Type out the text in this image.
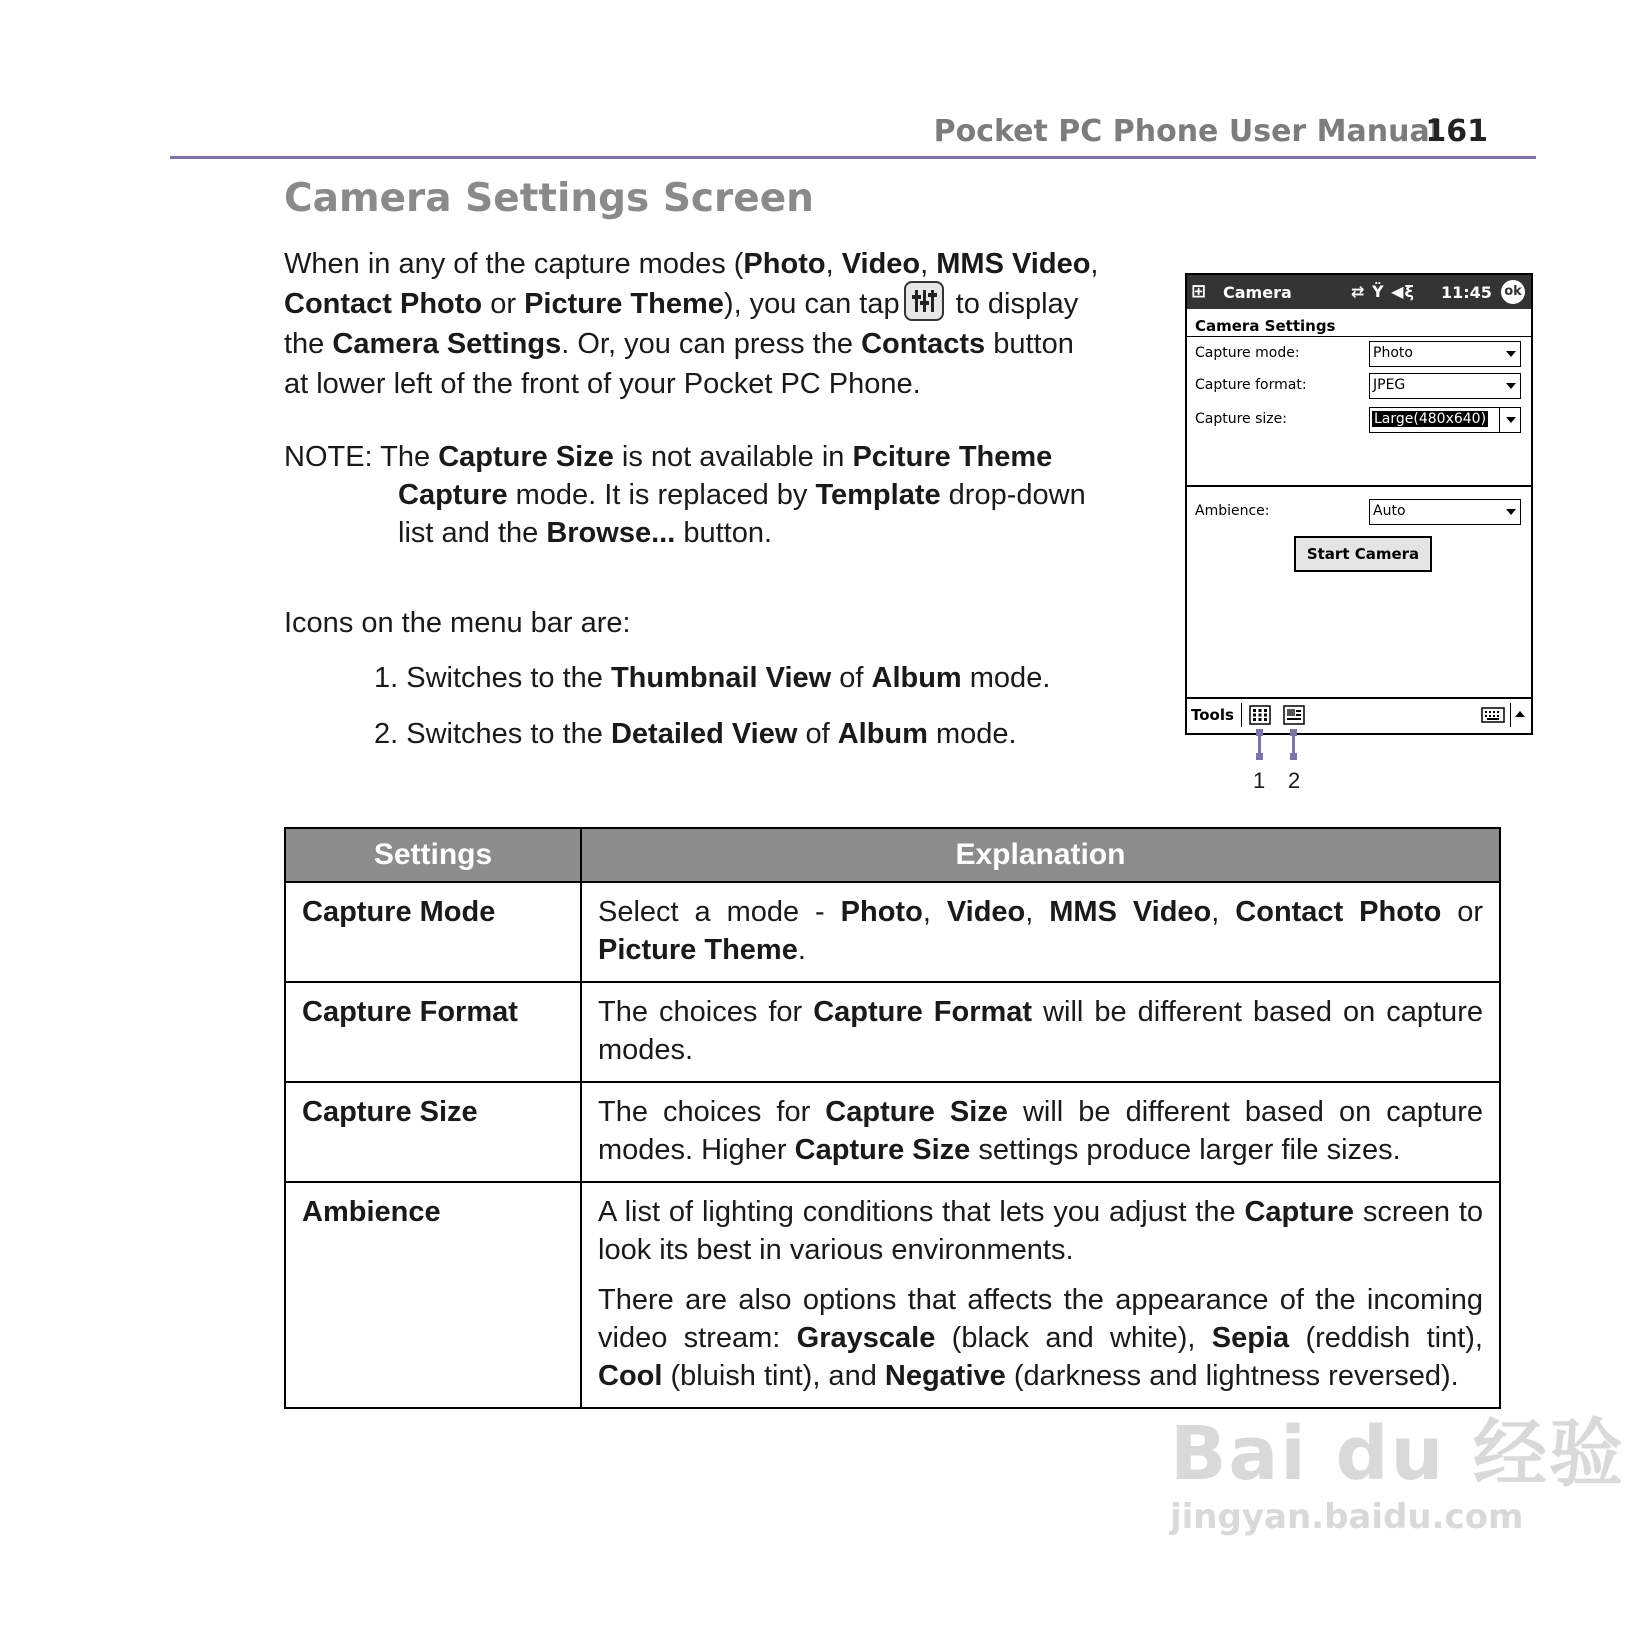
Pocket PC Phone User Manual
161
Camera Settings Screen
When in any of the capture modes (Photo, Video, MMS Video,
Contact Photo or Picture Theme), you can tap
to display
the Camera Settings. Or, you can press the Contacts button
at lower left of the front of your Pocket PC Phone.
NOTE: The Capture Size is not available in Pciture Theme
Capture mode. It is replaced by Template drop-down
list and the Browse... button.
Icons on the menu bar are:
1. Switches to the Thumbnail View of Album mode.
2. Switches to the Detailed View of Album mode.
⊞ Camera	⇄ Ÿ ◀ξ 11:45 ok
Camera Settings
Capture mode:	Photo
Capture format:	JPEG
Capture size:	Large(480x640)
Ambience:	Auto
Start Camera
Tools
1 2
Settings	Explanation
Capture Mode	Select a mode - Photo, Video, MMS Video, Contact Photo or Picture Theme.

Capture Format	The choices for Capture Format will be different based on capture modes.

Capture Size	The choices for Capture Size will be different based on capture modes. Higher Capture Size settings produce larger file sizes.

Ambience	A list of lighting conditions that lets you adjust the Capture screen to look its best in various environments.

There are also options that affects the appearance of the incoming video stream: Grayscale (black and white), Sepia (reddish tint), Cool (bluish tint), and Negative (darkness and lightness reversed).

Bai du 经验
jingyan.baidu.com
